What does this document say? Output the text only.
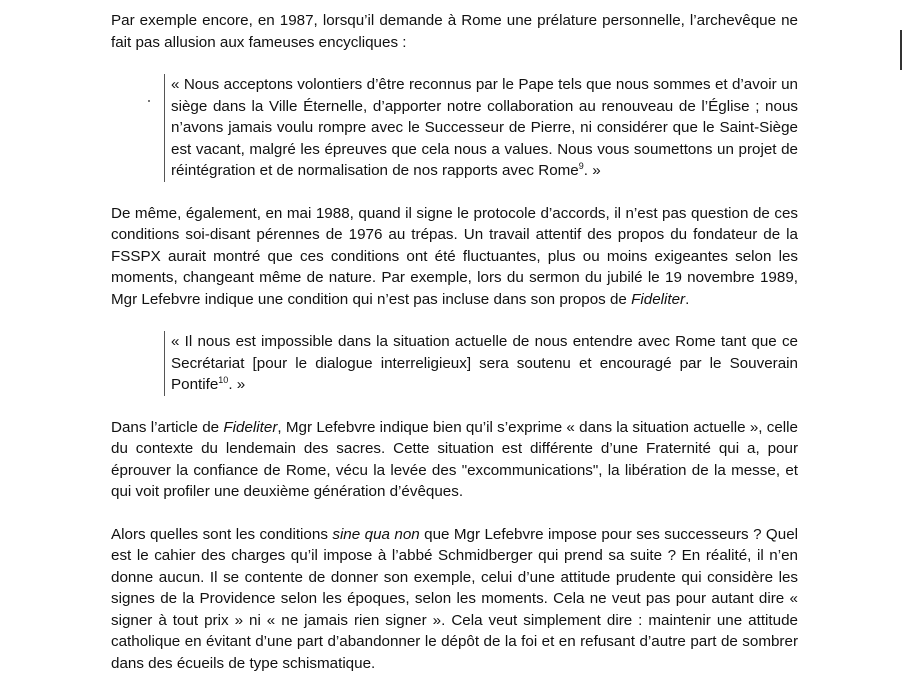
Par exemple encore, en 1987, lorsqu’il demande à Rome une prélature personnelle, l’archevêque ne fait pas allusion aux fameuses encycliques :

« Nous acceptons volontiers d’être reconnus par le Pape tels que nous sommes et d’avoir un siège dans la Ville Éternelle, d’apporter notre collaboration au renouveau de l’Église ; nous n’avons jamais voulu rompre avec le Successeur de Pierre, ni considérer que le Saint-Siège est vacant, malgré les épreuves que cela nous a values. Nous vous soumettons un projet de réintégration et de normalisation de nos rapports avec Rome$^9$. »

De même, également, en mai 1988, quand il signe le protocole d’accords, il n’est pas question de ces conditions soi-disant pérennes de 1976 au trépas. Un travail attentif des propos du fondateur de la FSSPX aurait montré que ces conditions ont été fluctuantes, plus ou moins exigeantes selon les moments, changeant même de nature. Par exemple, lors du sermon du jubilé le 19 novembre 1989, Mgr Lefebvre indique une condition qui n’est pas incluse dans son propos de Fideliter.

« Il nous est impossible dans la situation actuelle de nous entendre avec Rome tant que ce Secrétariat [pour le dialogue interreligieux] sera soutenu et encouragé par le Souverain Pontife$^{10}$. »

Dans l’article de Fideliter, Mgr Lefebvre indique bien qu’il s’exprime « dans la situation actuelle », celle du contexte du lendemain des sacres. Cette situation est différente d’une Fraternité qui a, pour éprouver la confiance de Rome, vécu la levée des "excommunications", la libération de la messe, et qui voit profiler une deuxième génération d’évêques.

Alors quelles sont les conditions sine qua non que Mgr Lefebvre impose pour ses successeurs ? Quel est le cahier des charges qu’il impose à l’abbé Schmidberger qui prend sa suite ? En réalité, il n’en donne aucun. Il se contente de donner son exemple, celui d’une attitude prudente qui considère les signes de la Providence selon les époques, selon les moments. Cela ne veut pas pour autant dire « signer à tout prix » ni « ne jamais rien signer ». Cela veut simplement dire : maintenir une attitude catholique en évitant d’une part d’abandonner le dépôt de la foi et en refusant d’autre part de sombrer dans des écueils de type schismatique.
